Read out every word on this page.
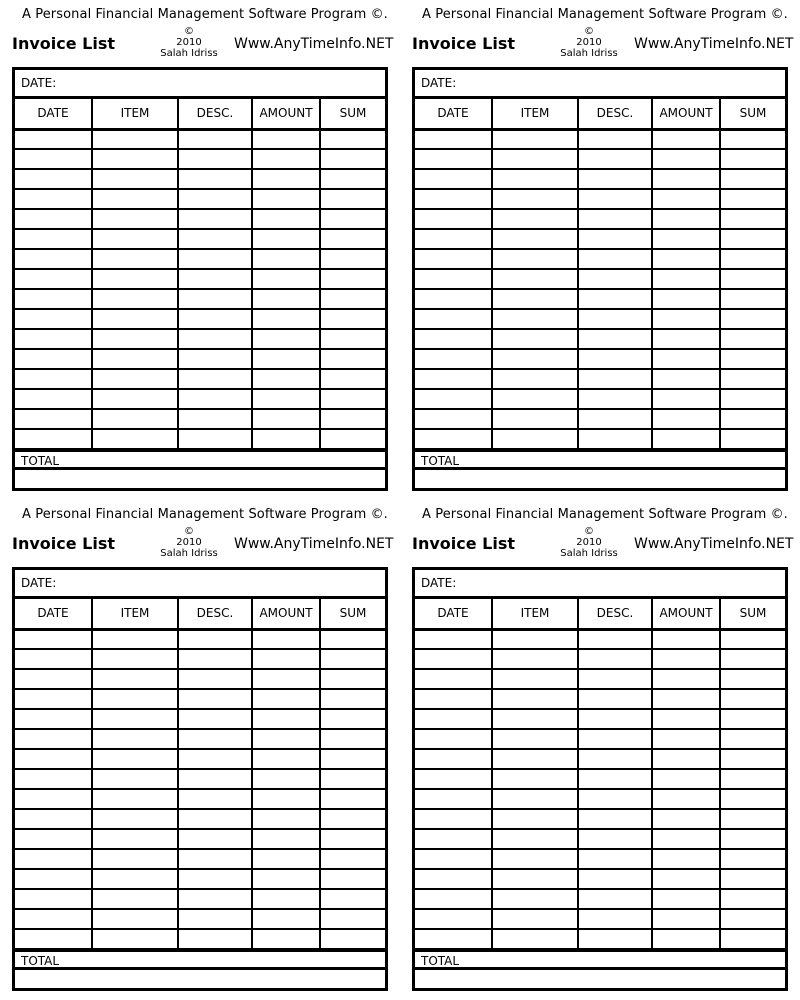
A Personal Financial Management Software Program ©.
Invoice List
©
2010
Salah Idriss
Www.AnyTimeInfo.NET
DATE:
DATE	ITEM	DESC.	AMOUNT	SUM

TOTAL
A Personal Financial Management Software Program ©.
Invoice List
©
2010
Salah Idriss
Www.AnyTimeInfo.NET
DATE:
DATE	ITEM	DESC.	AMOUNT	SUM

TOTAL
A Personal Financial Management Software Program ©.
Invoice List
©
2010
Salah Idriss
Www.AnyTimeInfo.NET
DATE:
DATE	ITEM	DESC.	AMOUNT	SUM

TOTAL
A Personal Financial Management Software Program ©.
Invoice List
©
2010
Salah Idriss
Www.AnyTimeInfo.NET
DATE:
DATE	ITEM	DESC.	AMOUNT	SUM

TOTAL
